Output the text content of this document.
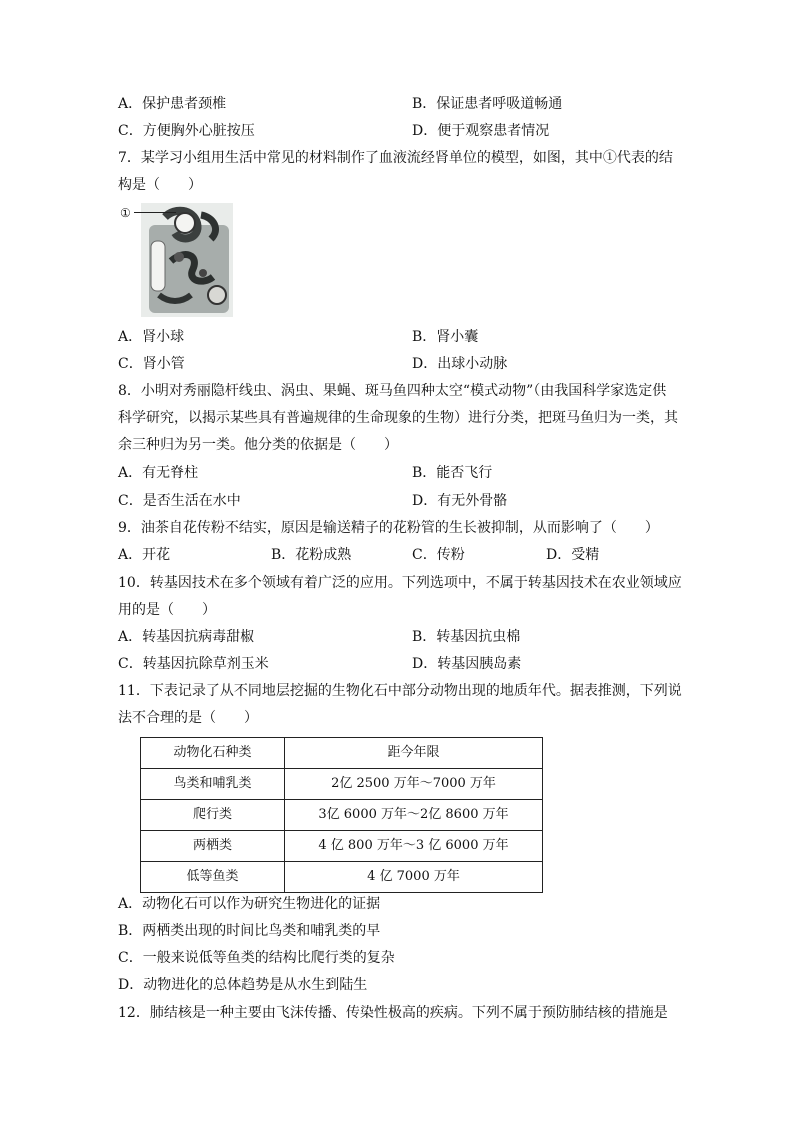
A．保护患者颈椎	B．保证患者呼吸道畅通
C．方便胸外心脏按压	D．便于观察患者情况
7．某学习小组用生活中常见的材料制作了血液流经肾单位的模型，如图，其中①代表的结
构是（　　）
①
A．肾小球	B．肾小囊
C．肾小管	D．出球小动脉
8．小明对秀丽隐杆线虫、涡虫、果蝇、斑马鱼四种太空“模式动物”（由我国科学家选定供
科学研究，以揭示某些具有普遍规律的生命现象的生物）进行分类，把斑马鱼归为一类，其
余三种归为另一类。他分类的依据是（　　）
A．有无脊柱	B．能否飞行
C．是否生活在水中	D．有无外骨骼
9．油茶自花传粉不结实，原因是输送精子的花粉管的生长被抑制，从而影响了（　　）
A．开花	B．花粉成熟	C．传粉	D．受精
10．转基因技术在多个领域有着广泛的应用。下列选项中，不属于转基因技术在农业领域应
用的是（　　）
A．转基因抗病毒甜椒	B．转基因抗虫棉
C．转基因抗除草剂玉米	D．转基因胰岛素
11．下表记录了从不同地层挖掘的生物化石中部分动物出现的地质年代。据表推测，下列说
法不合理的是（　　）
动物化石种类	距今年限
鸟类和哺乳类	2亿 2500 万年～7000 万年
爬行类	3亿 6000 万年～2亿 8600 万年
两栖类	4 亿 800 万年～3 亿 6000 万年
低等鱼类	4 亿 7000 万年
A．动物化石可以作为研究生物进化的证据
B．两栖类出现的时间比鸟类和哺乳类的早
C．一般来说低等鱼类的结构比爬行类的复杂
D．动物进化的总体趋势是从水生到陆生
12．肺结核是一种主要由飞沫传播、传染性极高的疾病。下列不属于预防肺结核的措施是
